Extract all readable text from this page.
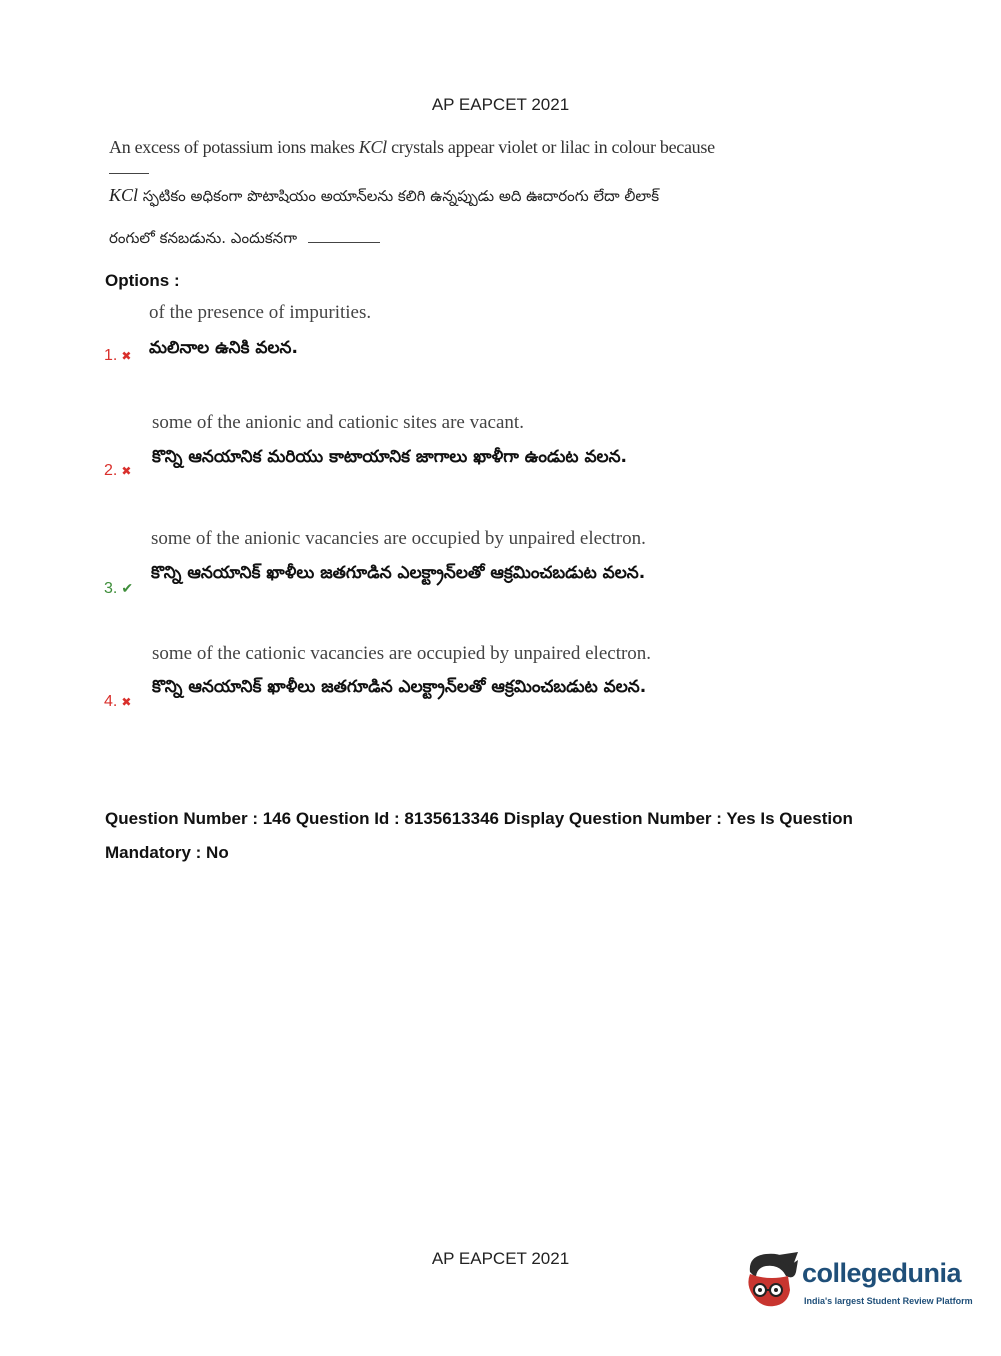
AP EAPCET 2021
An excess of potassium ions makes KCl crystals appear violet or lilac in colour because
KCl స్ఫటికం అధికంగా పొటాషియం అయాన్‌లను కలిగి ఉన్నప్పుడు అది ఊదారంగు లేదా లీలాక్
రంగులో కనబడును. ఎందుకనగా
Options :
of the presence of impurities.
మలినాల ఉనికి వలన.
1. ✖
some of the anionic and cationic sites are vacant.
కొన్ని ఆనయానిక మరియు కాటాయానిక జాగాలు ఖాళీగా ఉండుట వలన.
2. ✖
some of the anionic vacancies are occupied by unpaired electron.
కొన్ని ఆనయానిక్ ఖాళీలు జతగూడిన ఎలక్ట్రాన్‌లతో ఆక్రమించబడుట వలన.
3. ✔
some of the cationic vacancies are occupied by unpaired electron.
కొన్ని ఆనయానిక్ ఖాళీలు జతగూడిన ఎలక్ట్రాన్‌లతో ఆక్రమించబడుట వలన.
4. ✖
Question Number : 146 Question Id : 8135613346 Display Question Number : Yes Is Question
Mandatory : No
AP EAPCET 2021	collegedunia
India's largest Student Review Platform
